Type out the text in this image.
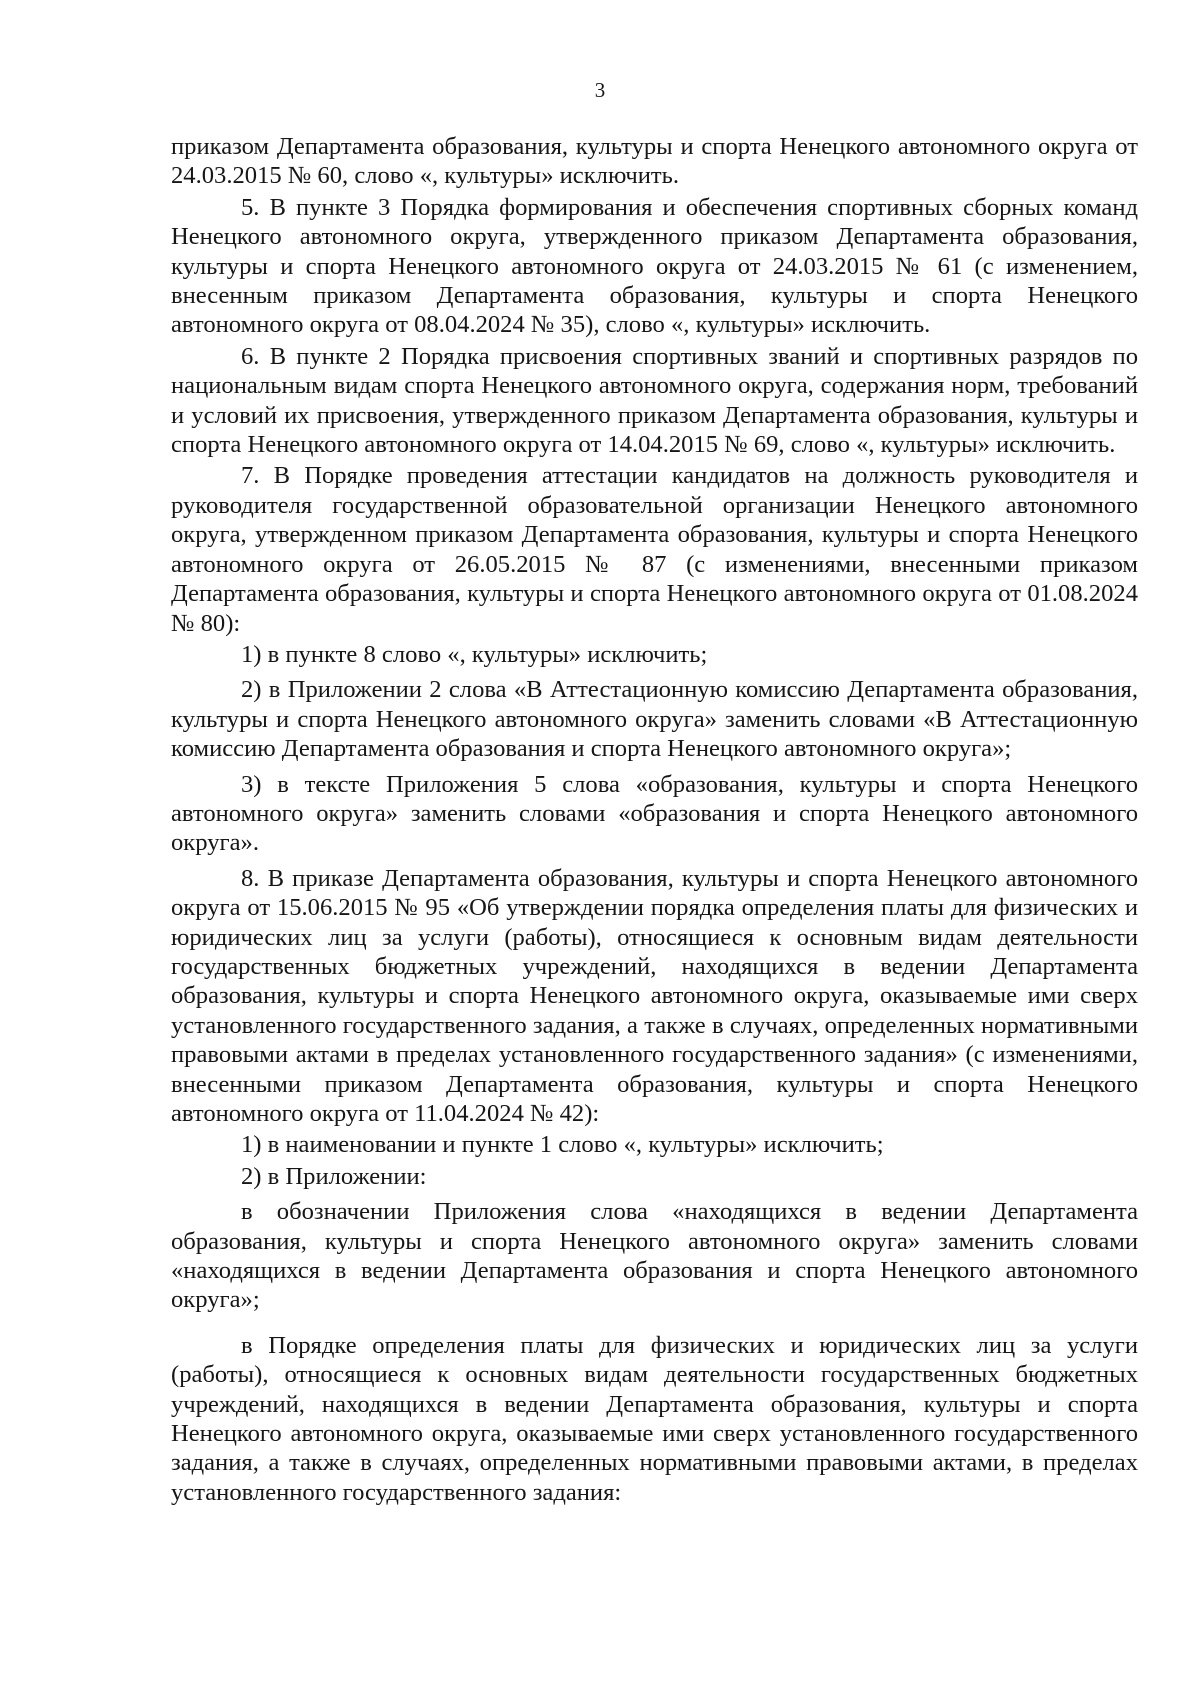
3

приказом Департамента образования, культуры и спорта Ненецкого автономного округа от 24.03.2015 № 60, слово «, культуры» исключить.

5. В пункте 3 Порядка формирования и обеспечения спортивных сборных команд Ненецкого автономного округа, утвержденного приказом Департамента образования, культуры и спорта Ненецкого автономного округа от 24.03.2015 № 61 (с изменением, внесенным приказом Департамента образования, культуры и спорта Ненецкого автономного округа от 08.04.2024 № 35), слово «, культуры» исключить.

6. В пункте 2 Порядка присвоения спортивных званий и спортивных разрядов по национальным видам спорта Ненецкого автономного округа, содержания норм, требований и условий их присвоения, утвержденного приказом Департамента образования, культуры и спорта Ненецкого автономного округа от 14.04.2015 № 69, слово «, культуры» исключить.

7. В Порядке проведения аттестации кандидатов на должность руководителя и руководителя государственной образовательной организации Ненецкого автономного округа, утвержденном приказом Департамента образования, культуры и спорта Ненецкого автономного округа от 26.05.2015 № 87 (с изменениями, внесенными приказом Департамента образования, культуры и спорта Ненецкого автономного округа от 01.08.2024 № 80):

1) в пункте 8 слово «, культуры» исключить;

2) в Приложении 2 слова «В Аттестационную комиссию Департамента образования, культуры и спорта Ненецкого автономного округа» заменить словами «В Аттестационную комиссию Департамента образования и спорта Ненецкого автономного округа»;

3) в тексте Приложения 5 слова «образования, культуры и спорта Ненецкого автономного округа» заменить словами «образования и спорта Ненецкого автономного округа».

8. В приказе Департамента образования, культуры и спорта Ненецкого автономного округа от 15.06.2015 № 95 «Об утверждении порядка определения платы для физических и юридических лиц за услуги (работы), относящиеся к основным видам деятельности государственных бюджетных учреждений, находящихся в ведении Департамента образования, культуры и спорта Ненецкого автономного округа, оказываемые ими сверх установленного государственного задания, а также в случаях, определенных нормативными правовыми актами в пределах установленного государственного задания» (с изменениями, внесенными приказом Департамента образования, культуры и спорта Ненецкого автономного округа от 11.04.2024 № 42):

1) в наименовании и пункте 1 слово «, культуры» исключить;

2) в Приложении:

в обозначении Приложения слова «находящихся в ведении Департамента образования, культуры и спорта Ненецкого автономного округа» заменить словами «находящихся в ведении Департамента образования и спорта Ненецкого автономного округа»;

в Порядке определения платы для физических и юридических лиц за услуги (работы), относящиеся к основных видам деятельности государственных бюджетных учреждений, находящихся в ведении Департамента образования, культуры и спорта Ненецкого автономного округа, оказываемые ими сверх установленного государственного задания, а также в случаях, определенных нормативными правовыми актами, в пределах установленного государственного задания:
